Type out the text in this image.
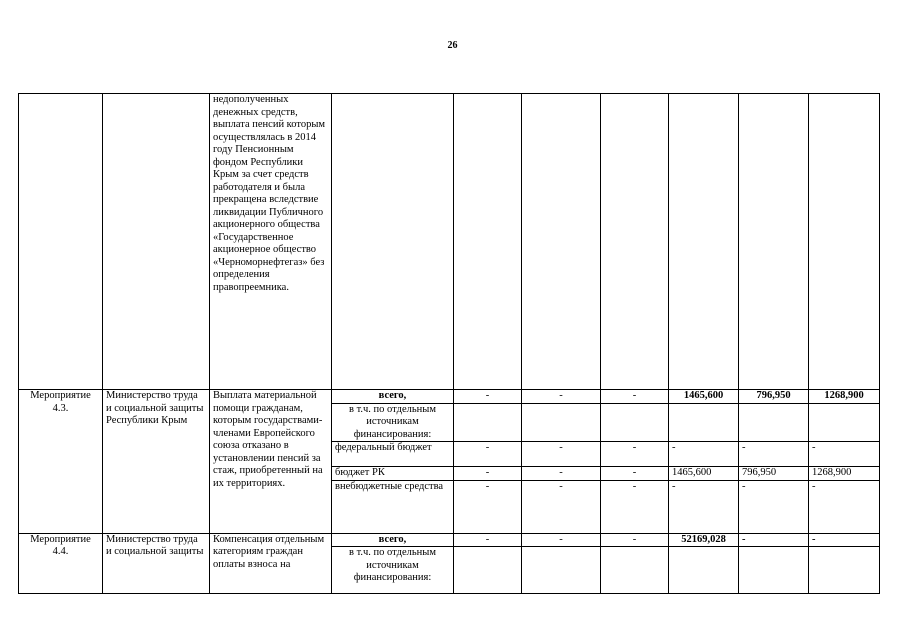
26
		недополученных денежных средств, выплата пенсий которым осуществлялась в 2014 году Пенсионным фондом Республики Крым за счет средств работодателя и была прекращена вследствие ликвидации Публичного акционерного общества «Государственное акционерное общество «Черноморнефтегаз» без определения правопреемника.							
Мероприятие 4.3.	Министерство труда и социальной защиты Республики Крым	Выплата материальной помощи гражданам, которым государствами-членами Европейского союза отказано в установлении пенсий за стаж, приобретенный на их территориях.	всего,	-	-	-	1465,600	796,950	1268,900
			в т.ч. по отдельным источникам финансирования:						
			федеральный бюджет	-	-	-	-	-	-
			бюджет РК	-	-	-	1465,600	796,950	1268,900
			внебюджетные средства	-	-	-	-	-	-
Мероприятие 4.4.	Министерство труда и социальной защиты	Компенсация отдельным категориям граждан оплаты взноса на	всего,	-	-	-	52169,028	-	-
			в т.ч. по отдельным источникам финансирования:						
